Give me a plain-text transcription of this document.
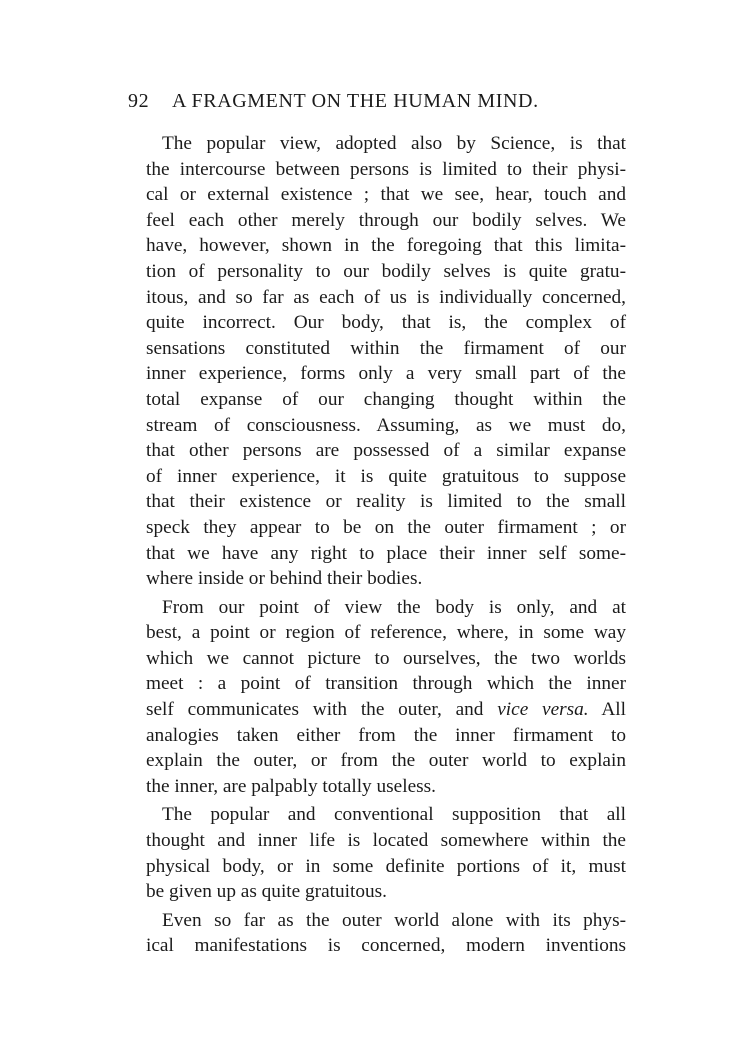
92 A FRAGMENT ON THE HUMAN MIND.
The popular view, adopted also by Science, is that
the intercourse between persons is limited to their physi-
cal or external existence ; that we see, hear, touch and
feel each other merely through our bodily selves. We
have, however, shown in the foregoing that this limita-
tion of personality to our bodily selves is quite gratu-
itous, and so far as each of us is individually concerned,
quite incorrect. Our body, that is, the complex of
sensations constituted within the firmament of our
inner experience, forms only a very small part of the
total expanse of our changing thought within the
stream of consciousness. Assuming, as we must do,
that other persons are possessed of a similar expanse
of inner experience, it is quite gratuitous to suppose
that their existence or reality is limited to the small
speck they appear to be on the outer firmament ; or
that we have any right to place their inner self some-
where inside or behind their bodies.
From our point of view the body is only, and at
best, a point or region of reference, where, in some way
which we cannot picture to ourselves, the two worlds
meet : a point of transition through which the inner
self communicates with the outer, and vice versa. All
analogies taken either from the inner firmament to
explain the outer, or from the outer world to explain
the inner, are palpably totally useless.
The popular and conventional supposition that all
thought and inner life is located somewhere within the
physical body, or in some definite portions of it, must
be given up as quite gratuitous.
Even so far as the outer world alone with its phys-
ical manifestations is concerned, modern inventions
